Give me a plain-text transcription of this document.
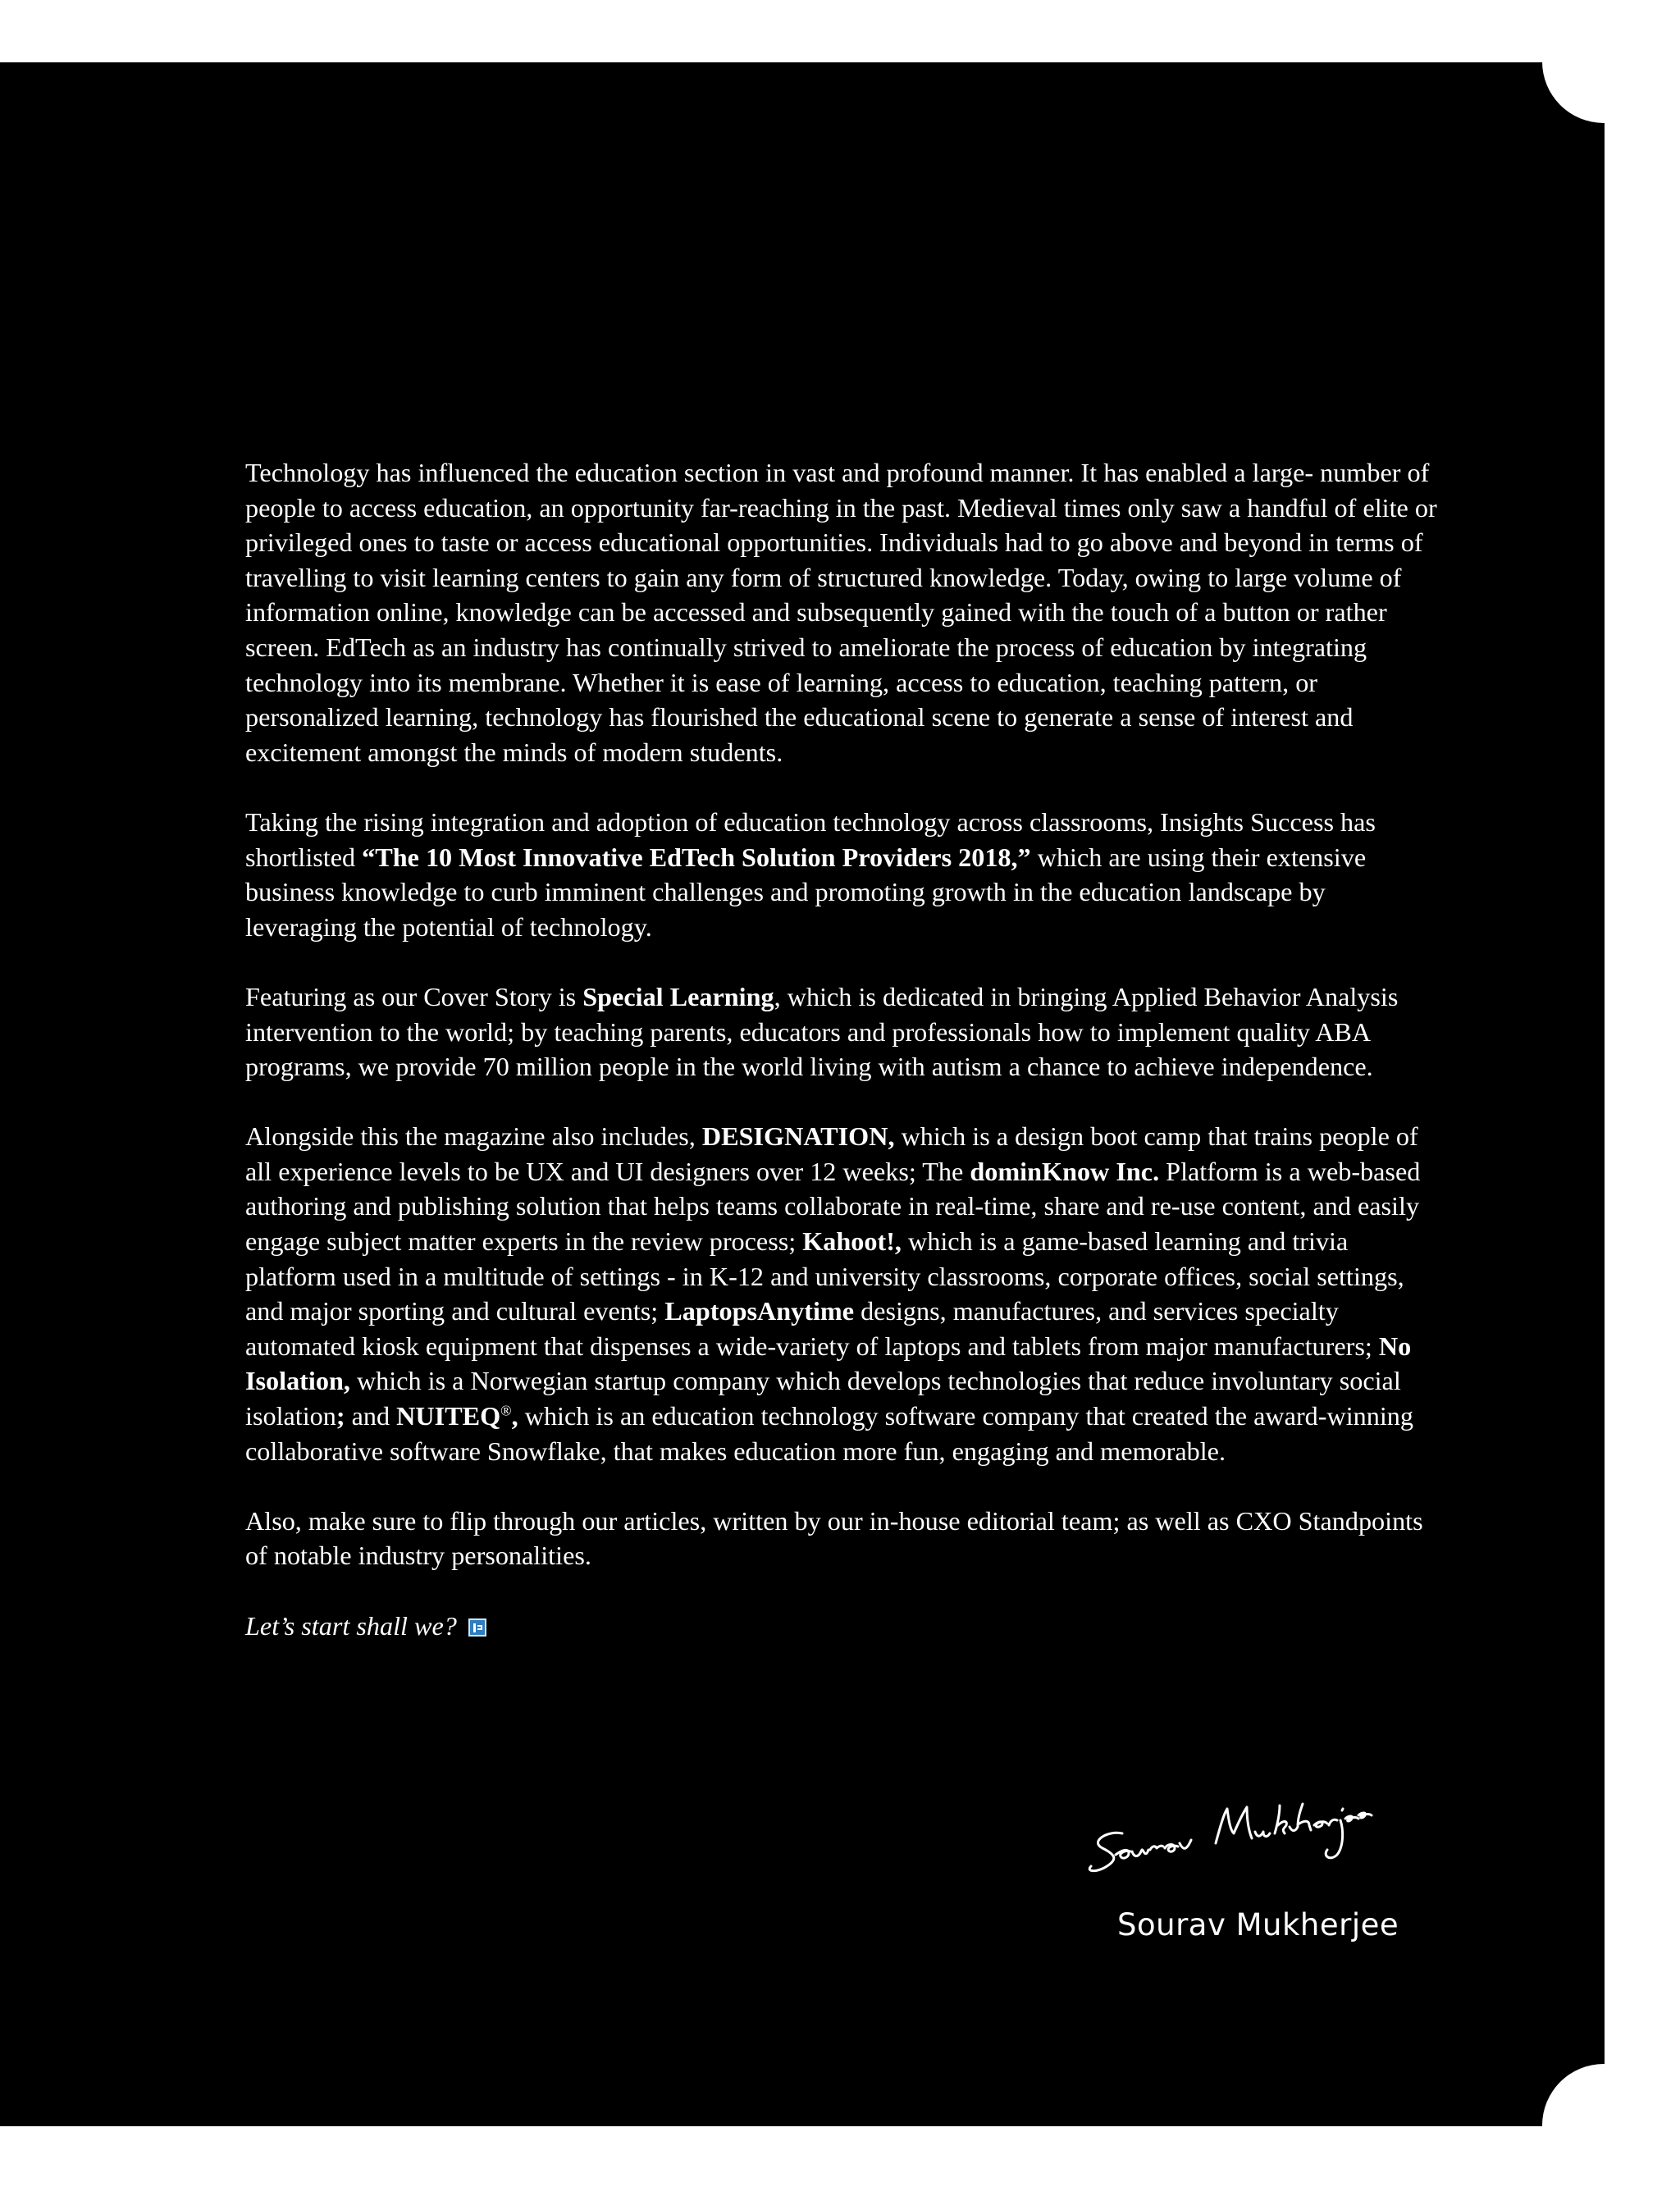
Technology has influenced the education section in vast and profound manner. It has enabled a large- number of people to access education, an opportunity far-reaching in the past. Medieval times only saw a handful of elite or privileged ones to taste or access educational opportunities. Individuals had to go above and beyond in terms of travelling to visit learning centers to gain any form of structured knowledge. Today, owing to large volume of information online, knowledge can be accessed and subsequently gained with the touch of a button or rather screen. EdTech as an industry has continually strived to ameliorate the process of education by integrating technology into its membrane. Whether it is ease of learning, access to education, teaching pattern, or personalized learning, technology has flourished the educational scene to generate a sense of interest and excitement amongst the minds of modern students.

Taking the rising integration and adoption of education technology across classrooms, Insights Success has shortlisted “The 10 Most Innovative EdTech Solution Providers 2018,” which are using their extensive business knowledge to curb imminent challenges and promoting growth in the education landscape by leveraging the potential of technology.

Featuring as our Cover Story is Special Learning, which is dedicated in bringing Applied Behavior Analysis intervention to the world; by teaching parents, educators and professionals how to implement quality ABA programs, we provide 70 million people in the world living with autism a chance to achieve independence.

Alongside this the magazine also includes, DESIGNATION, which is a design boot camp that trains people of all experience levels to be UX and UI designers over 12 weeks; The dominKnow Inc. Platform is a web-based authoring and publishing solution that helps teams collaborate in real-time, share and re-use content, and easily engage subject matter experts in the review process; Kahoot!, which is a game-based learning and trivia platform used in a multitude of settings - in K-12 and university classrooms, corporate offices, social settings, and major sporting and cultural events; LaptopsAnytime designs, manufactures, and services specialty automated kiosk equipment that dispenses a wide-variety of laptops and tablets from major manufacturers; No Isolation, which is a Norwegian startup company which develops technologies that reduce involuntary social isolation; and NUITEQ®, which is an education technology software company that created the award-winning collaborative software Snowflake, that makes education more fun, engaging and memorable.

Also, make sure to flip through our articles, written by our in-house editorial team; as well as CXO Standpoints of notable industry personalities.

Let’s start shall we?

Sourav Mukherjee
